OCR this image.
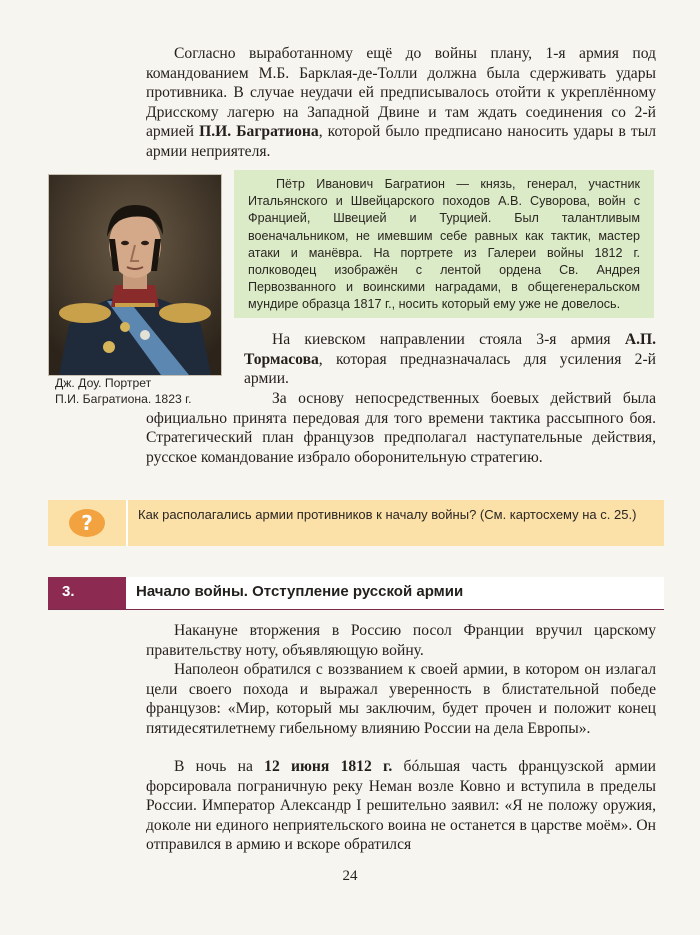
Согласно выработанному ещё до войны плану, 1-я армия под командованием М.Б. Барклая-де-Толли должна была сдерживать удары противника. В случае неудачи ей предписывалось отойти к укреплённому Дрисскому лагерю на Западной Двине и там ждать соединения со 2-й армией П.И. Багратиона, которой было предписано наносить удары в тыл армии неприятеля.

Дж. Доу. Портрет
П.И. Багратиона. 1823 г.

Пётр Иванович Багратион — князь, генерал, участник Итальянского и Швейцарского походов А.В. Суворова, войн с Францией, Швецией и Турцией. Был талантливым военачальником, не имевшим себе равных как тактик, мастер атаки и манёвра. На портрете из Галереи войны 1812 г. полководец изображён с лентой ордена Св. Андрея Первозванного и воинскими наградами, в общегенеральском мундире образца 1817 г., носить который ему уже не довелось.

На киевском направлении стояла 3-я армия А.П. Тормасова, которая предназначалась для усиления 2-й армии.

За основу непосредственных боевых действий была официально принята передовая для того времени тактика рассыпного боя. Стратегический план французов предполагал наступательные действия, русское командование избрало оборонительную стратегию.

?	Как располагались армии противников к началу войны? (См. картосхему на с. 25.)
3.	Начало войны. Отступление русской армии

Накануне вторжения в Россию посол Франции вручил царскому правительству ноту, объявляющую войну.

Наполеон обратился с воззванием к своей армии, в котором он излагал цели своего похода и выражал уверенность в блистательной победе французов: «Мир, который мы заключим, будет прочен и положит конец пятидесятилетнему гибельному влиянию России на дела Европы».

В ночь на 12 июня 1812 г. бóльшая часть французской армии форсировала пограничную реку Неман возле Ковно и вступила в пределы России. Император Александр I решительно заявил: «Я не положу оружия, доколе ни единого неприятельского воина не останется в царстве моём». Он отправился в армию и вскоре обратился

24
